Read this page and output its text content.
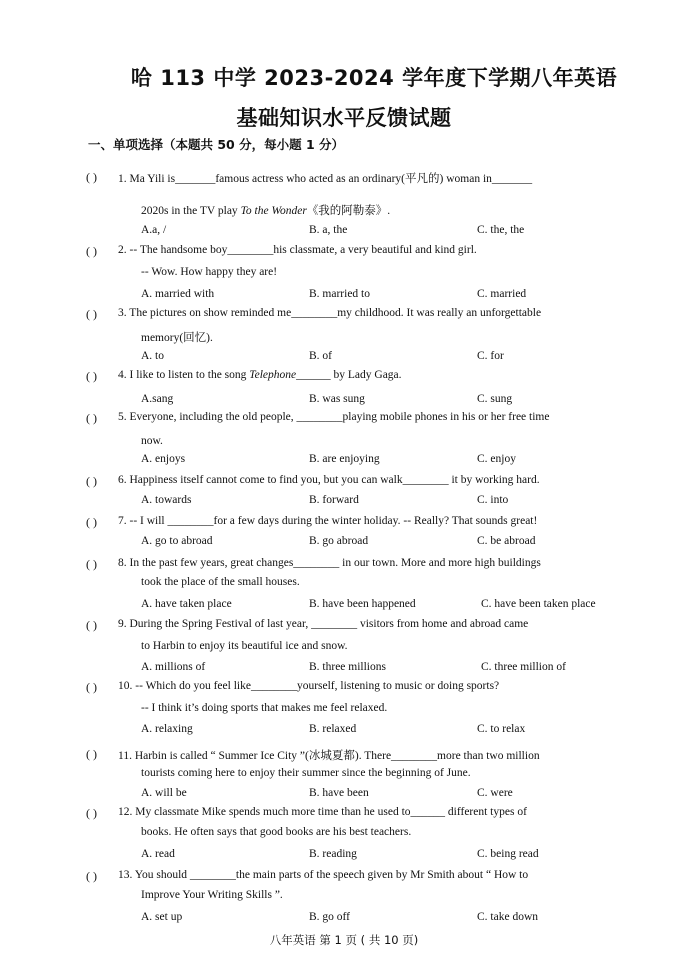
哈 113 中学 2023-2024 学年度下学期八年英语
基础知识水平反馈试题
一、单项选择（本题共 50 分，每小题 1 分）
( ) 1. Ma Yili is_______famous actress who acted as an ordinary(平凡的) woman in_______
2020s in the TV play To the Wonder《我的阿勒泰》.
A.a, /	B. a, the	C. the, the
( ) 2. -- The handsome boy________his classmate, a very beautiful and kind girl.
-- Wow. How happy they are!
A. married with	B. married to	C. married
( ) 3. The pictures on show reminded me________my childhood. It was really an unforgettable
memory(回忆).
A. to	B. of	C. for
( ) 4. I like to listen to the song Telephone______ by Lady Gaga.
A.sang	B. was sung	C. sung
( ) 5. Everyone, including the old people, ________playing mobile phones in his or her free time
now.
A. enjoys	B. are enjoying	C. enjoy
( ) 6. Happiness itself cannot come to find you, but you can walk________ it by working hard.
A. towards	B. forward	C. into
( ) 7. -- I will ________for a few days during the winter holiday. -- Really? That sounds great!
A. go to abroad	B. go abroad	C. be abroad
( ) 8. In the past few years, great changes________ in our town. More and more high buildings
took the place of the small houses.
A. have taken place	B. have been happened	C. have been taken place
( ) 9. During the Spring Festival of last year, ________ visitors from home and abroad came
to Harbin to enjoy its beautiful ice and snow.
A. millions of	B. three millions	C. three million of
( ) 10. -- Which do you feel like________yourself, listening to music or doing sports?
-- I think it’s doing sports that makes me feel relaxed.
A. relaxing	B. relaxed	C. to relax
( ) 11. Harbin is called “ Summer Ice City ”(冰城夏都). There________more than two million
tourists coming here to enjoy their summer since the beginning of June.
A. will be	B. have been	C. were
( ) 12. My classmate Mike spends much more time than he used to______ different types of
books. He often says that good books are his best teachers.
A. read	B. reading	C. being read
( ) 13. You should ________the main parts of the speech given by Mr Smith about “ How to
Improve Your Writing Skills ”.
A. set up	B. go off	C. take down
八年英语 第 1 页 ( 共 10 页)
